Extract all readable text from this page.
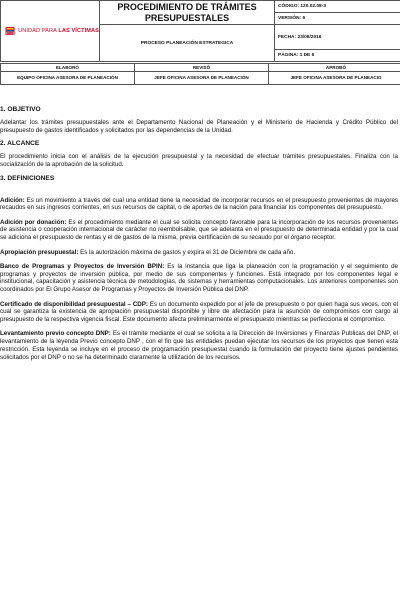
UNIDAD PARA LAS VÍCTIMAS	PROCEDIMIENTO DE TRÁMITES PRESUPUESTALES	CÓDIGO: 120.02.08-3
		VERSIÓN: 6
	PROCESO PLANEACIÓN ESTRATEGICA	FECHA: 23/08/2016
		PÁGINA: 1 DE 6
ELABORÓ	REVISÓ	APROBÓ
EQUIPO OFICINA ASESORA DE PLANEACIÓN	JEFE OFICINA ASESORA DE PLANEACIÓN	JEFE OFICINA ASESORA DE PLANEACIO
1. OBJETIVO
Adelantar los trámites presupuestales ante el Departamento Nacional de Planeación y el Ministerio de Hacienda y Crédito Público del presupuesto de gastos identificados y solicitados por las dependencias de la Unidad.
2. ALCANCE
El procedimiento inicia con el análisis de la ejecución presupuestal y la necesidad de efectuar trámites presupuestales. Finaliza con la socialización de la aprobación de la solicitud.
3. DEFINICIONES
Adición: Es un movimiento a través del cual una entidad tiene la necesidad de incorporar recursos en el presupuesto provenientes de mayores recaudos en sus ingresos corrientes, en sus recursos de capital, o de aportes de la nación para financiar los componentes del presupuesto.
Adición por donación: Es el procedimiento mediante el cual se solicita concepto favorable para la incorporación de los recursos provenientes de asistencia o cooperación internacional de carácter no reembolsable, que se adelanta en el presupuesto de determinada entidad y por la cual se adiciona el presupuesto de rentas y el de gastos de la misma, previa certificación de su recaudo por el órgano receptor.
Apropiación presupuestal: Es la autorización máxima de gastos y expira el 31 de Diciembre de cada año.
Banco de Programas y Proyectos de Inversión BPIN: Es la instancia que liga la planeación con la programación y el seguimiento de programas y proyectos de inversión pública, por medio de sus componentes y funciones. Está integrado por los componentes legal e institucional, capacitación y asistencia técnica de metodologías, de sistemas y herramientas computacionales. Los anteriores componentes son coordinados por El Grupo Asesor de Programas y Proyectos de Inversión Pública del DNP.
Certificado de disponibilidad presupuestal – CDP: Es un documento expedido por el jefe de presupuesto o por quien haga sus veces, con el cual se garantiza la existencia de apropiación presupuestal disponible y libre de afectación para la asunción de compromisos con cargo al presupuesto de la respectiva vigencia fiscal. Este documento afecta preliminarmente el presupuesto mientras se perfecciona el compromiso.
Levantamiento previo concepto DNP: Es el trámite mediante el cual se solicita a la Dirección de Inversiones y Finanzas Publicas del DNP, el levantamiento de la leyenda Previo concepto DNP , con el fin que las entidades puedan ejecutar los recursos de los proyectos que tienen esta restricción. Esta leyenda se incluye en el proceso de programación presupuestal cuando la formulación del proyecto tiene ajustes pendientes solicitados por el DNP o no se ha determinado claramente la utilización de los recursos.
